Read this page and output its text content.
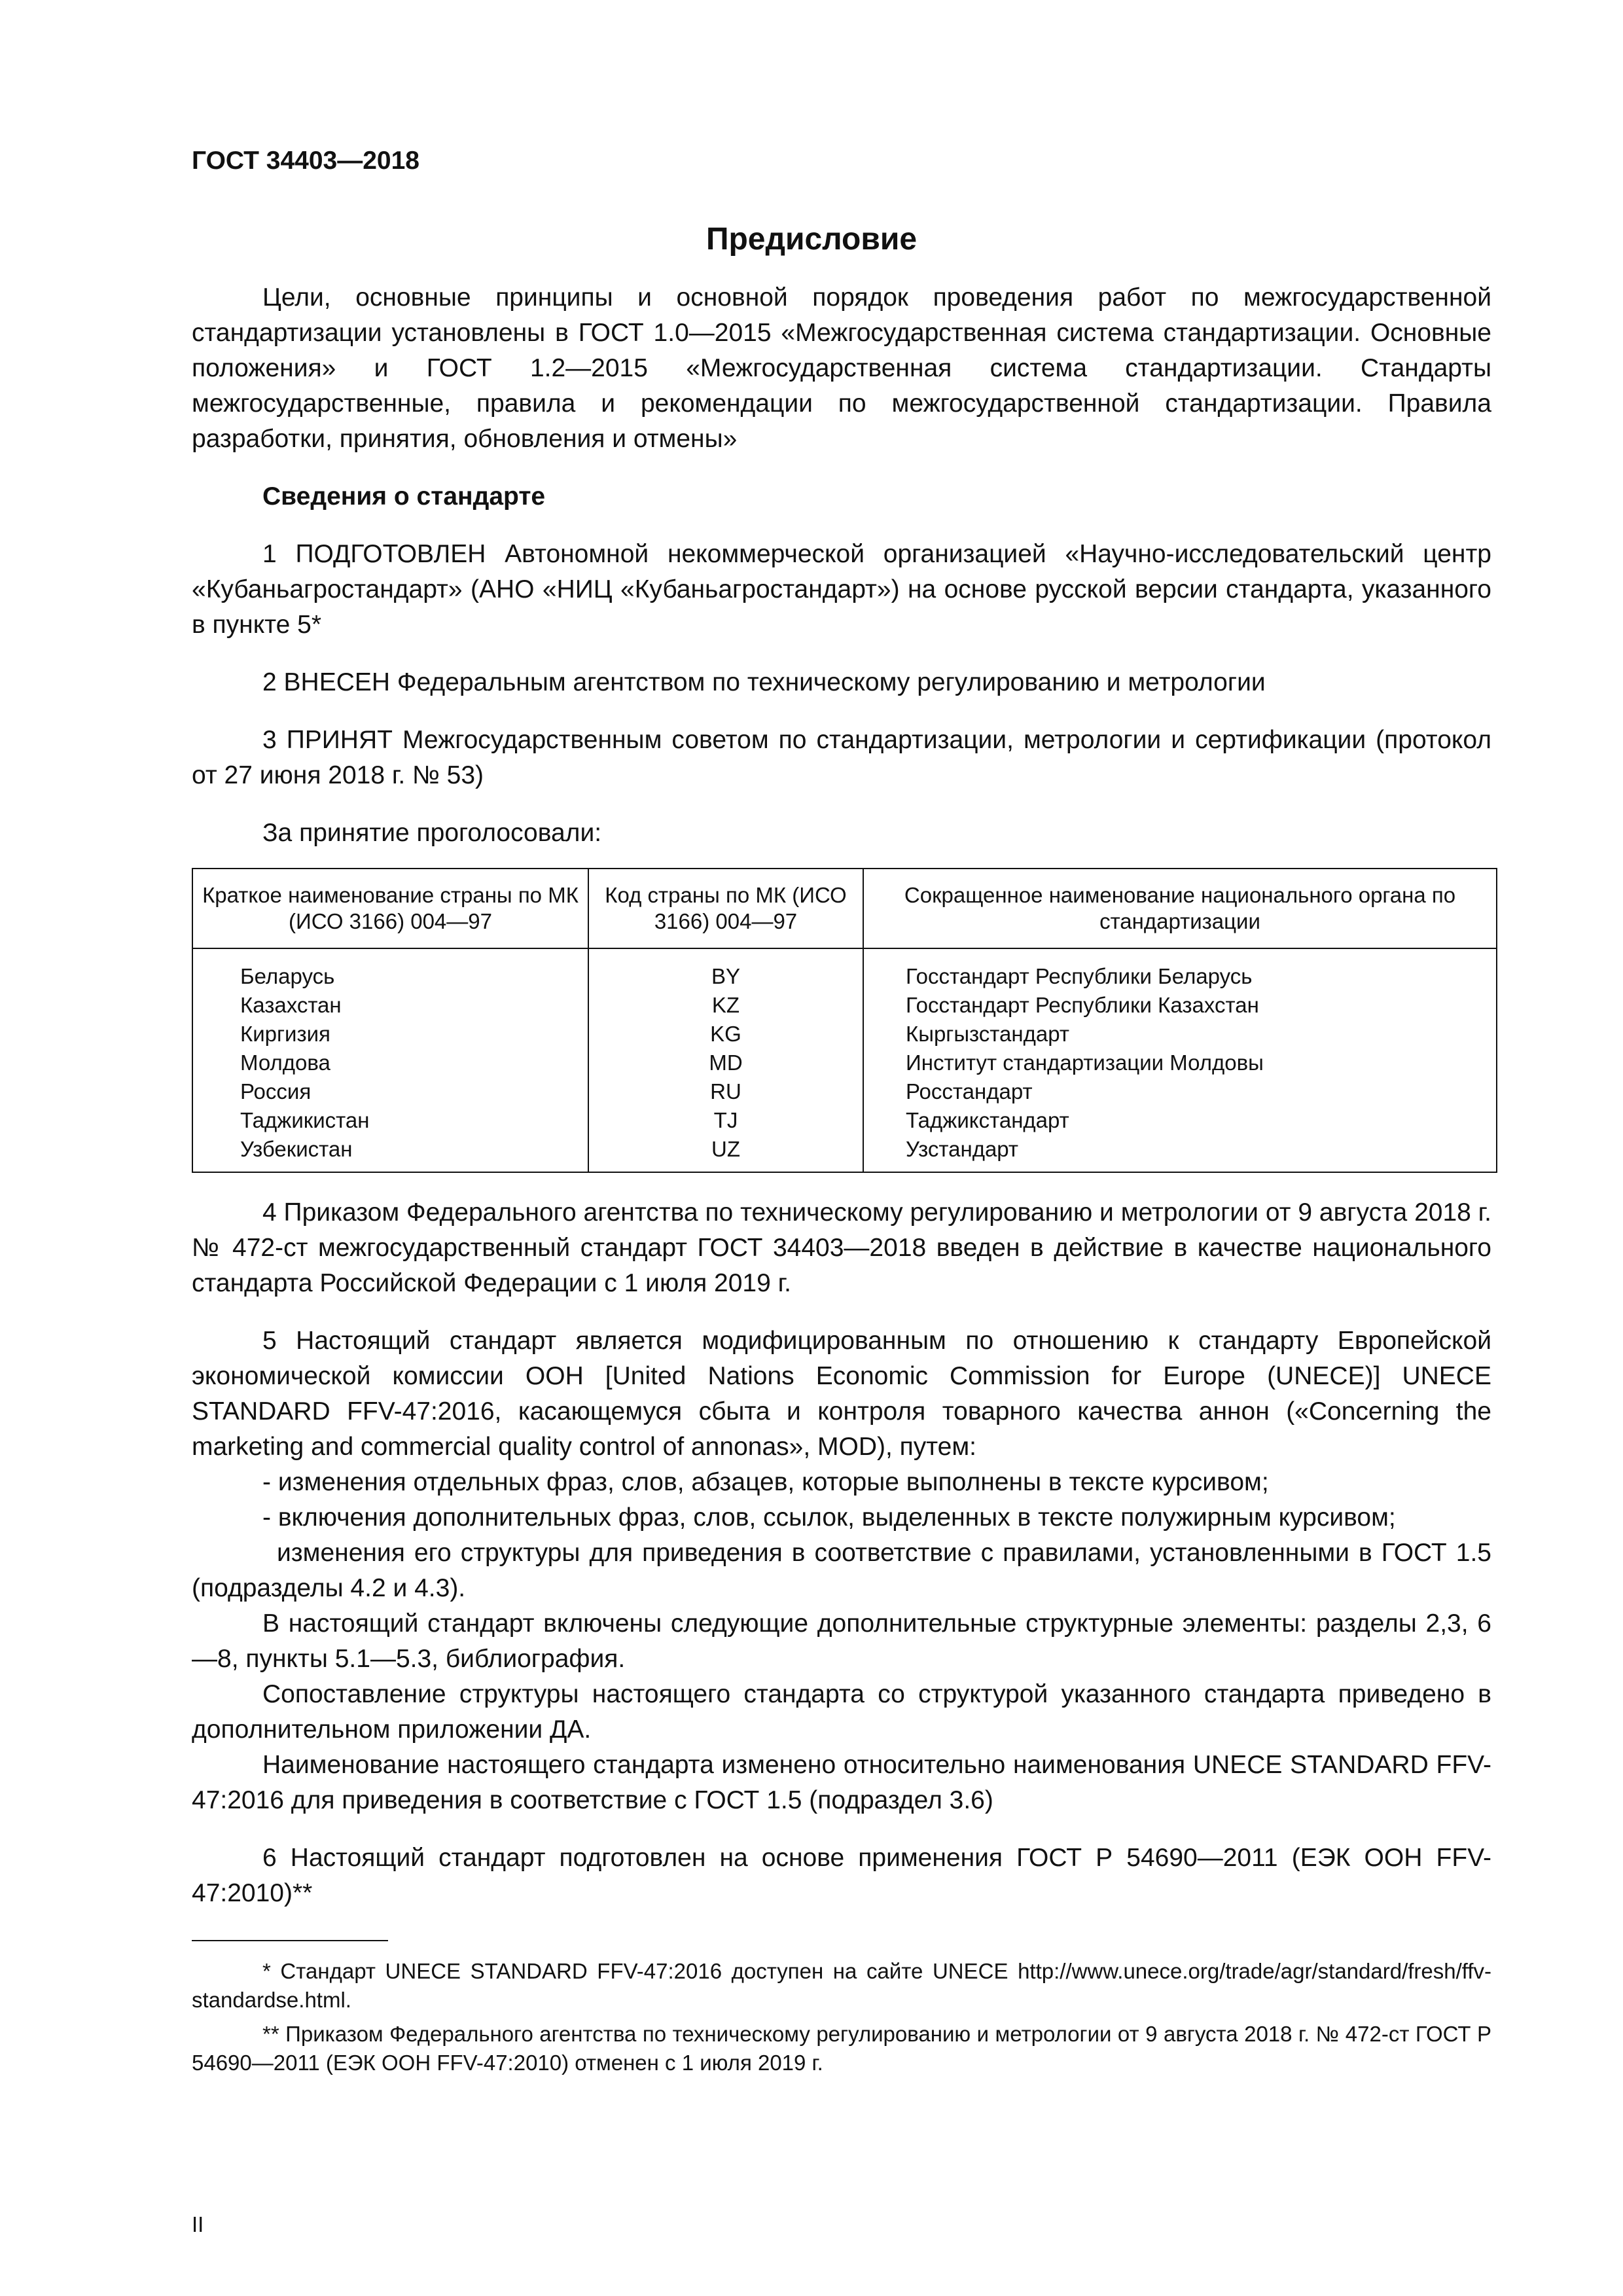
ГОСТ 34403—2018

Предисловие

Цели, основные принципы и основной порядок проведения работ по межгосударственной стандартизации установлены в ГОСТ 1.0—2015 «Межгосударственная система стандартизации. Основные положения» и ГОСТ 1.2—2015 «Межгосударственная система стандартизации. Стандарты межгосударственные, правила и рекомендации по межгосударственной стандартизации. Правила разработки, принятия, обновления и отмены»

Сведения о стандарте

1 ПОДГОТОВЛЕН Автономной некоммерческой организацией «Научно-исследовательский центр «Кубаньагростандарт» (АНО «НИЦ «Кубаньагростандарт») на основе русской версии стандарта, указанного в пункте 5*

2 ВНЕСЕН Федеральным агентством по техническому регулированию и метрологии

3 ПРИНЯТ Межгосударственным советом по стандартизации, метрологии и сертификации (протокол от 27 июня 2018 г. № 53)

За принятие проголосовали:

Краткое наименование страны по МК (ИСО 3166) 004—97	Код страны по МК (ИСО 3166) 004—97	Сокращенное наименование национального органа по стандартизации
Беларусь	BY	Госстандарт Республики Беларусь
Казахстан	KZ	Госстандарт Республики Казахстан
Киргизия	KG	Кыргызстандарт
Молдова	MD	Институт стандартизации Молдовы
Россия	RU	Росстандарт
Таджикистан	TJ	Таджикстандарт
Узбекистан	UZ	Узстандарт

4 Приказом Федерального агентства по техническому регулированию и метрологии от 9 августа 2018 г. № 472-ст межгосударственный стандарт ГОСТ 34403—2018 введен в действие в качестве национального стандарта Российской Федерации с 1 июля 2019 г.

5 Настоящий стандарт является модифицированным по отношению к стандарту Европейской экономической комиссии ООН [United Nations Economic Commission for Europe (UNECE)] UNECE STANDARD FFV-47:2016, касающемуся сбыта и контроля товарного качества аннон («Concerning the marketing and commercial quality control of annonas», MOD), путем:

- изменения отдельных фраз, слов, абзацев, которые выполнены в тексте курсивом;

- включения дополнительных фраз, слов, ссылок, выделенных в тексте полужирным курсивом;

изменения его структуры для приведения в соответствие с правилами, установленными в ГОСТ 1.5 (подразделы 4.2 и 4.3).

В настоящий стандарт включены следующие дополнительные структурные элементы: разделы 2,3, 6—8, пункты 5.1—5.3, библиография.

Сопоставление структуры настоящего стандарта со структурой указанного стандарта приведено в дополнительном приложении ДА.

Наименование настоящего стандарта изменено относительно наименования UNECE STANDARD FFV-47:2016 для приведения в соответствие с ГОСТ 1.5 (подраздел 3.6)

6 Настоящий стандарт подготовлен на основе применения ГОСТ Р 54690—2011 (ЕЭК ООН FFV-47:2010)**

* Стандарт UNECE STANDARD FFV-47:2016 доступен на сайте UNECE http://www.unece.org/trade/agr/standard/fresh/ffv-standardse.html.

** Приказом Федерального агентства по техническому регулированию и метрологии от 9 августа 2018 г. № 472-ст ГОСТ Р 54690—2011 (ЕЭК ООН FFV-47:2010) отменен с 1 июля 2019 г.

II
